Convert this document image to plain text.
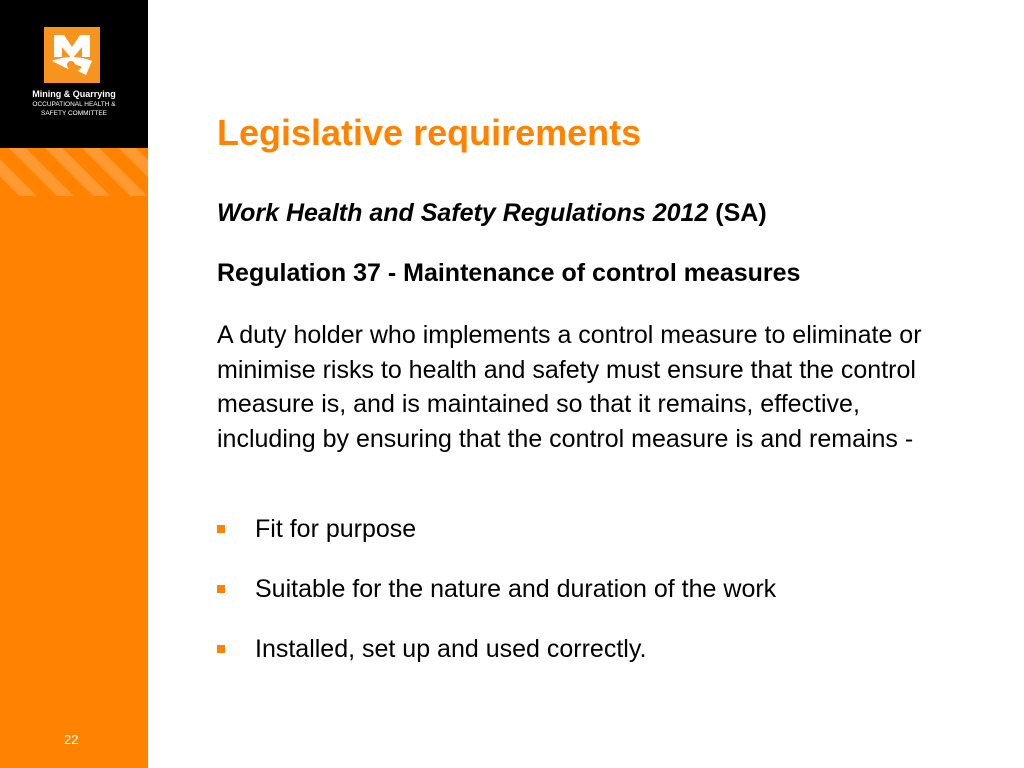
Mining & Quarrying
OCCUPATIONAL HEALTH &
SAFETY COMMITTEE
22
Legislative requirements
Work Health and Safety Regulations 2012 (SA)
Regulation 37 - Maintenance of control measures
A duty holder who implements a control measure to eliminate or minimise risks to health and safety must ensure that the control measure is, and is maintained so that it remains, effective, including by ensuring that the control measure is and remains -
Fit for purpose
Suitable for the nature and duration of the work
Installed, set up and used correctly.
